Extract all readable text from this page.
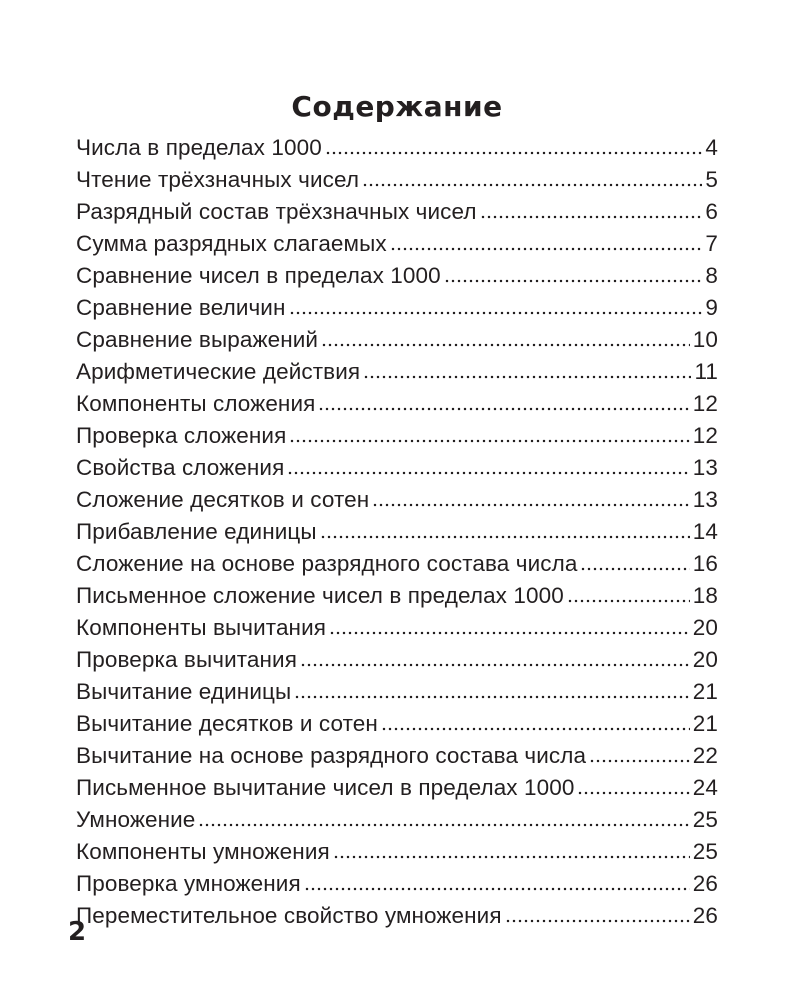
Содержание
Числа в пределах 1000	4
Чтение трёхзначных чисел	5
Разрядный состав трёхзначных чисел	6
Сумма разрядных слагаемых	7
Сравнение чисел в пределах 1000	8
Сравнение величин	9
Сравнение выражений	10
Арифметические действия	11
Компоненты сложения	12
Проверка сложения	12
Свойства сложения	13
Сложение десятков и сотен	13
Прибавление единицы	14
Сложение на основе разрядного состава числа	16
Письменное сложение чисел в пределах 1000	18
Компоненты вычитания	20
Проверка вычитания	20
Вычитание единицы	21
Вычитание десятков и сотен	21
Вычитание на основе разрядного состава числа	22
Письменное вычитание чисел в пределах 1000	24
Умножение	25
Компоненты умножения	25
Проверка умножения	26
Переместительное свойство умножения	26
2
